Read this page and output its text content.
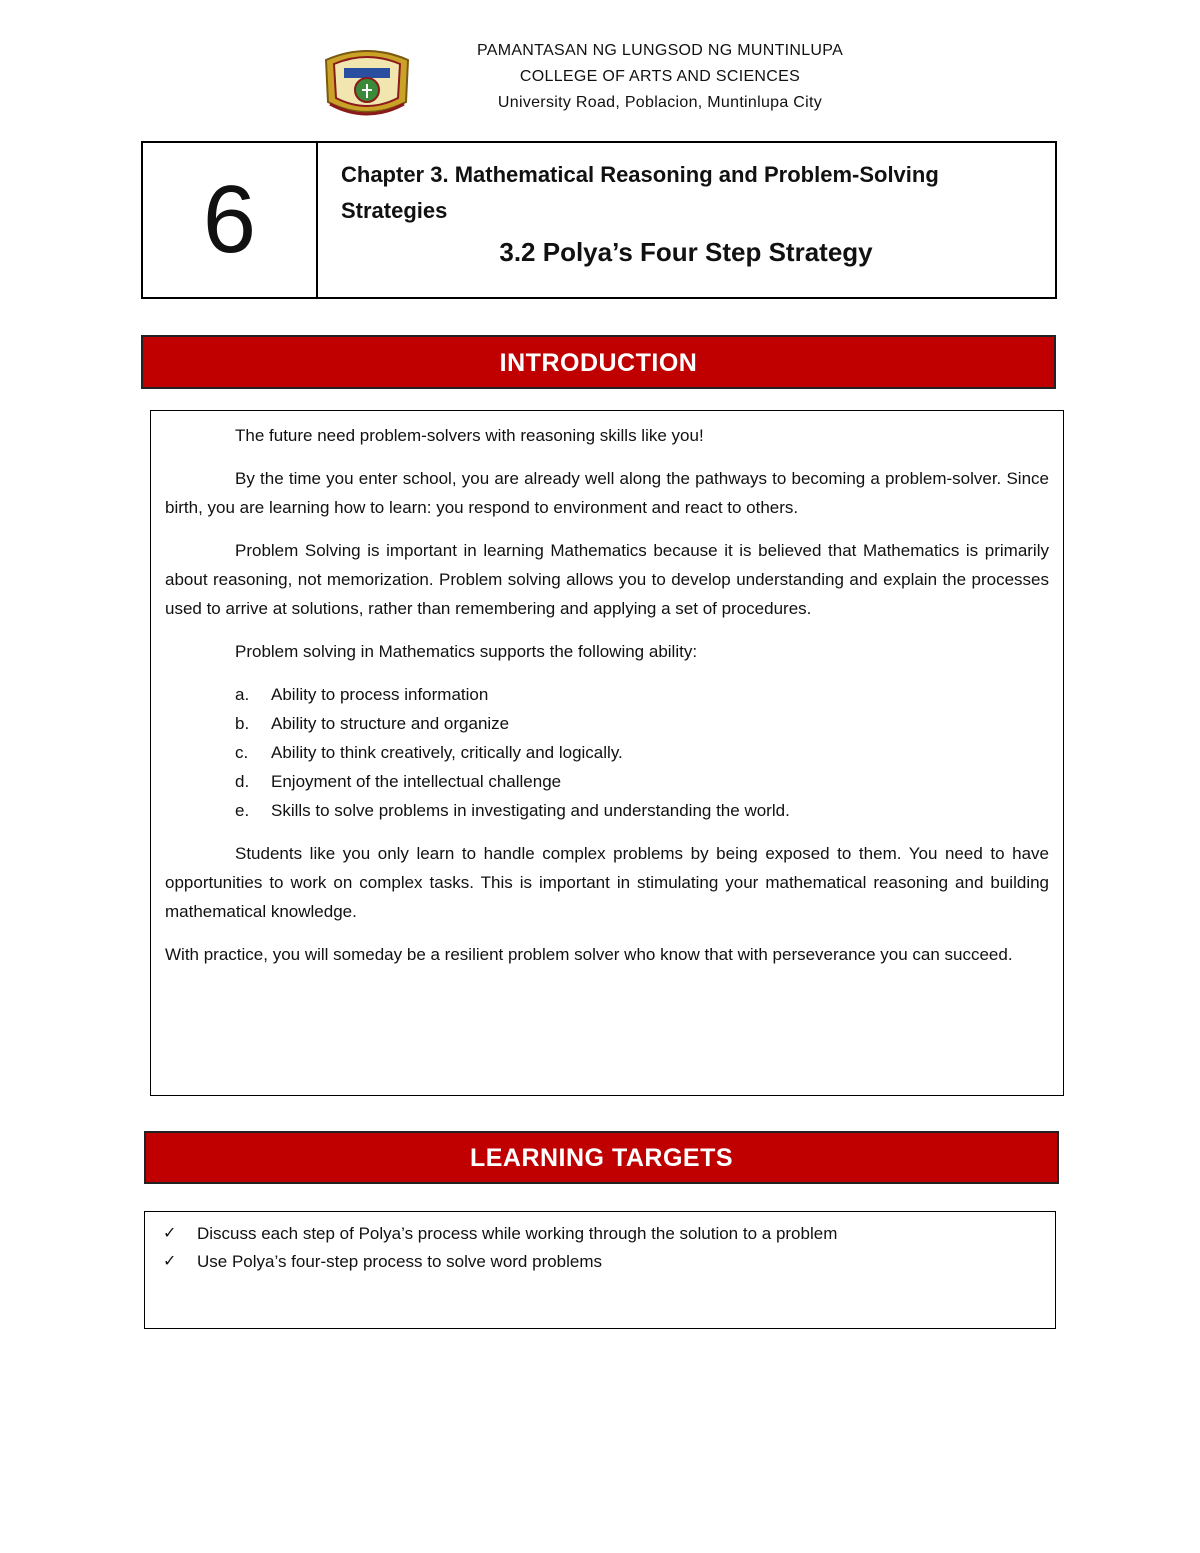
PAMANTASAN NG LUNGSOD NG MUNTINLUPA
COLLEGE OF ARTS AND SCIENCES
University Road, Poblacion, Muntinlupa City
6	Chapter 3. Mathematical Reasoning and Problem-Solving Strategies
3.2 Polya’s Four Step Strategy
INTRODUCTION

The future need problem-solvers with reasoning skills like you!

By the time you enter school, you are already well along the pathways to becoming a problem-solver. Since birth, you are learning how to learn: you respond to environment and react to others.

Problem Solving is important in learning Mathematics because it is believed that Mathematics is primarily about reasoning, not memorization. Problem solving allows you to develop understanding and explain the processes used to arrive at solutions, rather than remembering and applying a set of procedures.

Problem solving in Mathematics supports the following ability:

a.	Ability to process information
b.	Ability to structure and organize
c.	Ability to think creatively, critically and logically.
d.	Enjoyment of the intellectual challenge
e.	Skills to solve problems in investigating and understanding the world.

Students like you only learn to handle complex problems by being exposed to them. You need to have opportunities to work on complex tasks. This is important in stimulating your mathematical reasoning and building mathematical knowledge.

With practice, you will someday be a resilient problem solver who know that with perseverance you can succeed.

LEARNING TARGETS
✓	Discuss each step of Polya’s process while working through the solution to a problem
✓	Use Polya’s four-step process to solve word problems
